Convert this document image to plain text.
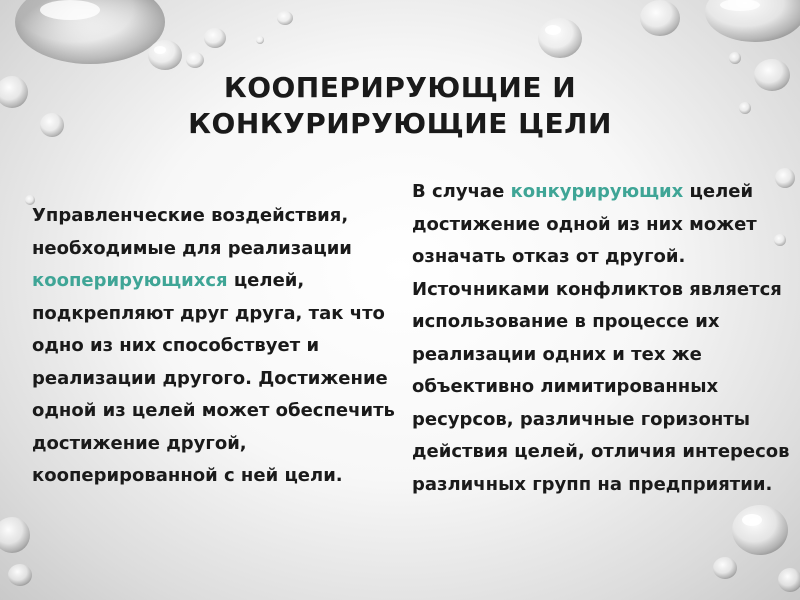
КООПЕРИРУЮЩИЕ И
КОНКУРИРУЮЩИЕ ЦЕЛИ

Управленческие воздействия, необходимые для реализации кооперирующихся целей, подкрепляют друг друга, так что одно из них способствует и реализации другого. Достижение одной из целей может обеспечить достижение другой, кооперированной с ней цели.

В случае конкурирующих целей достижение одной из них может означать отказ от другой. Источниками конфликтов является использование в процессе их реализации одних и тех же объективно лимитированных ресурсов, различные горизонты действия целей, отличия интересов различных групп на предприятии.
